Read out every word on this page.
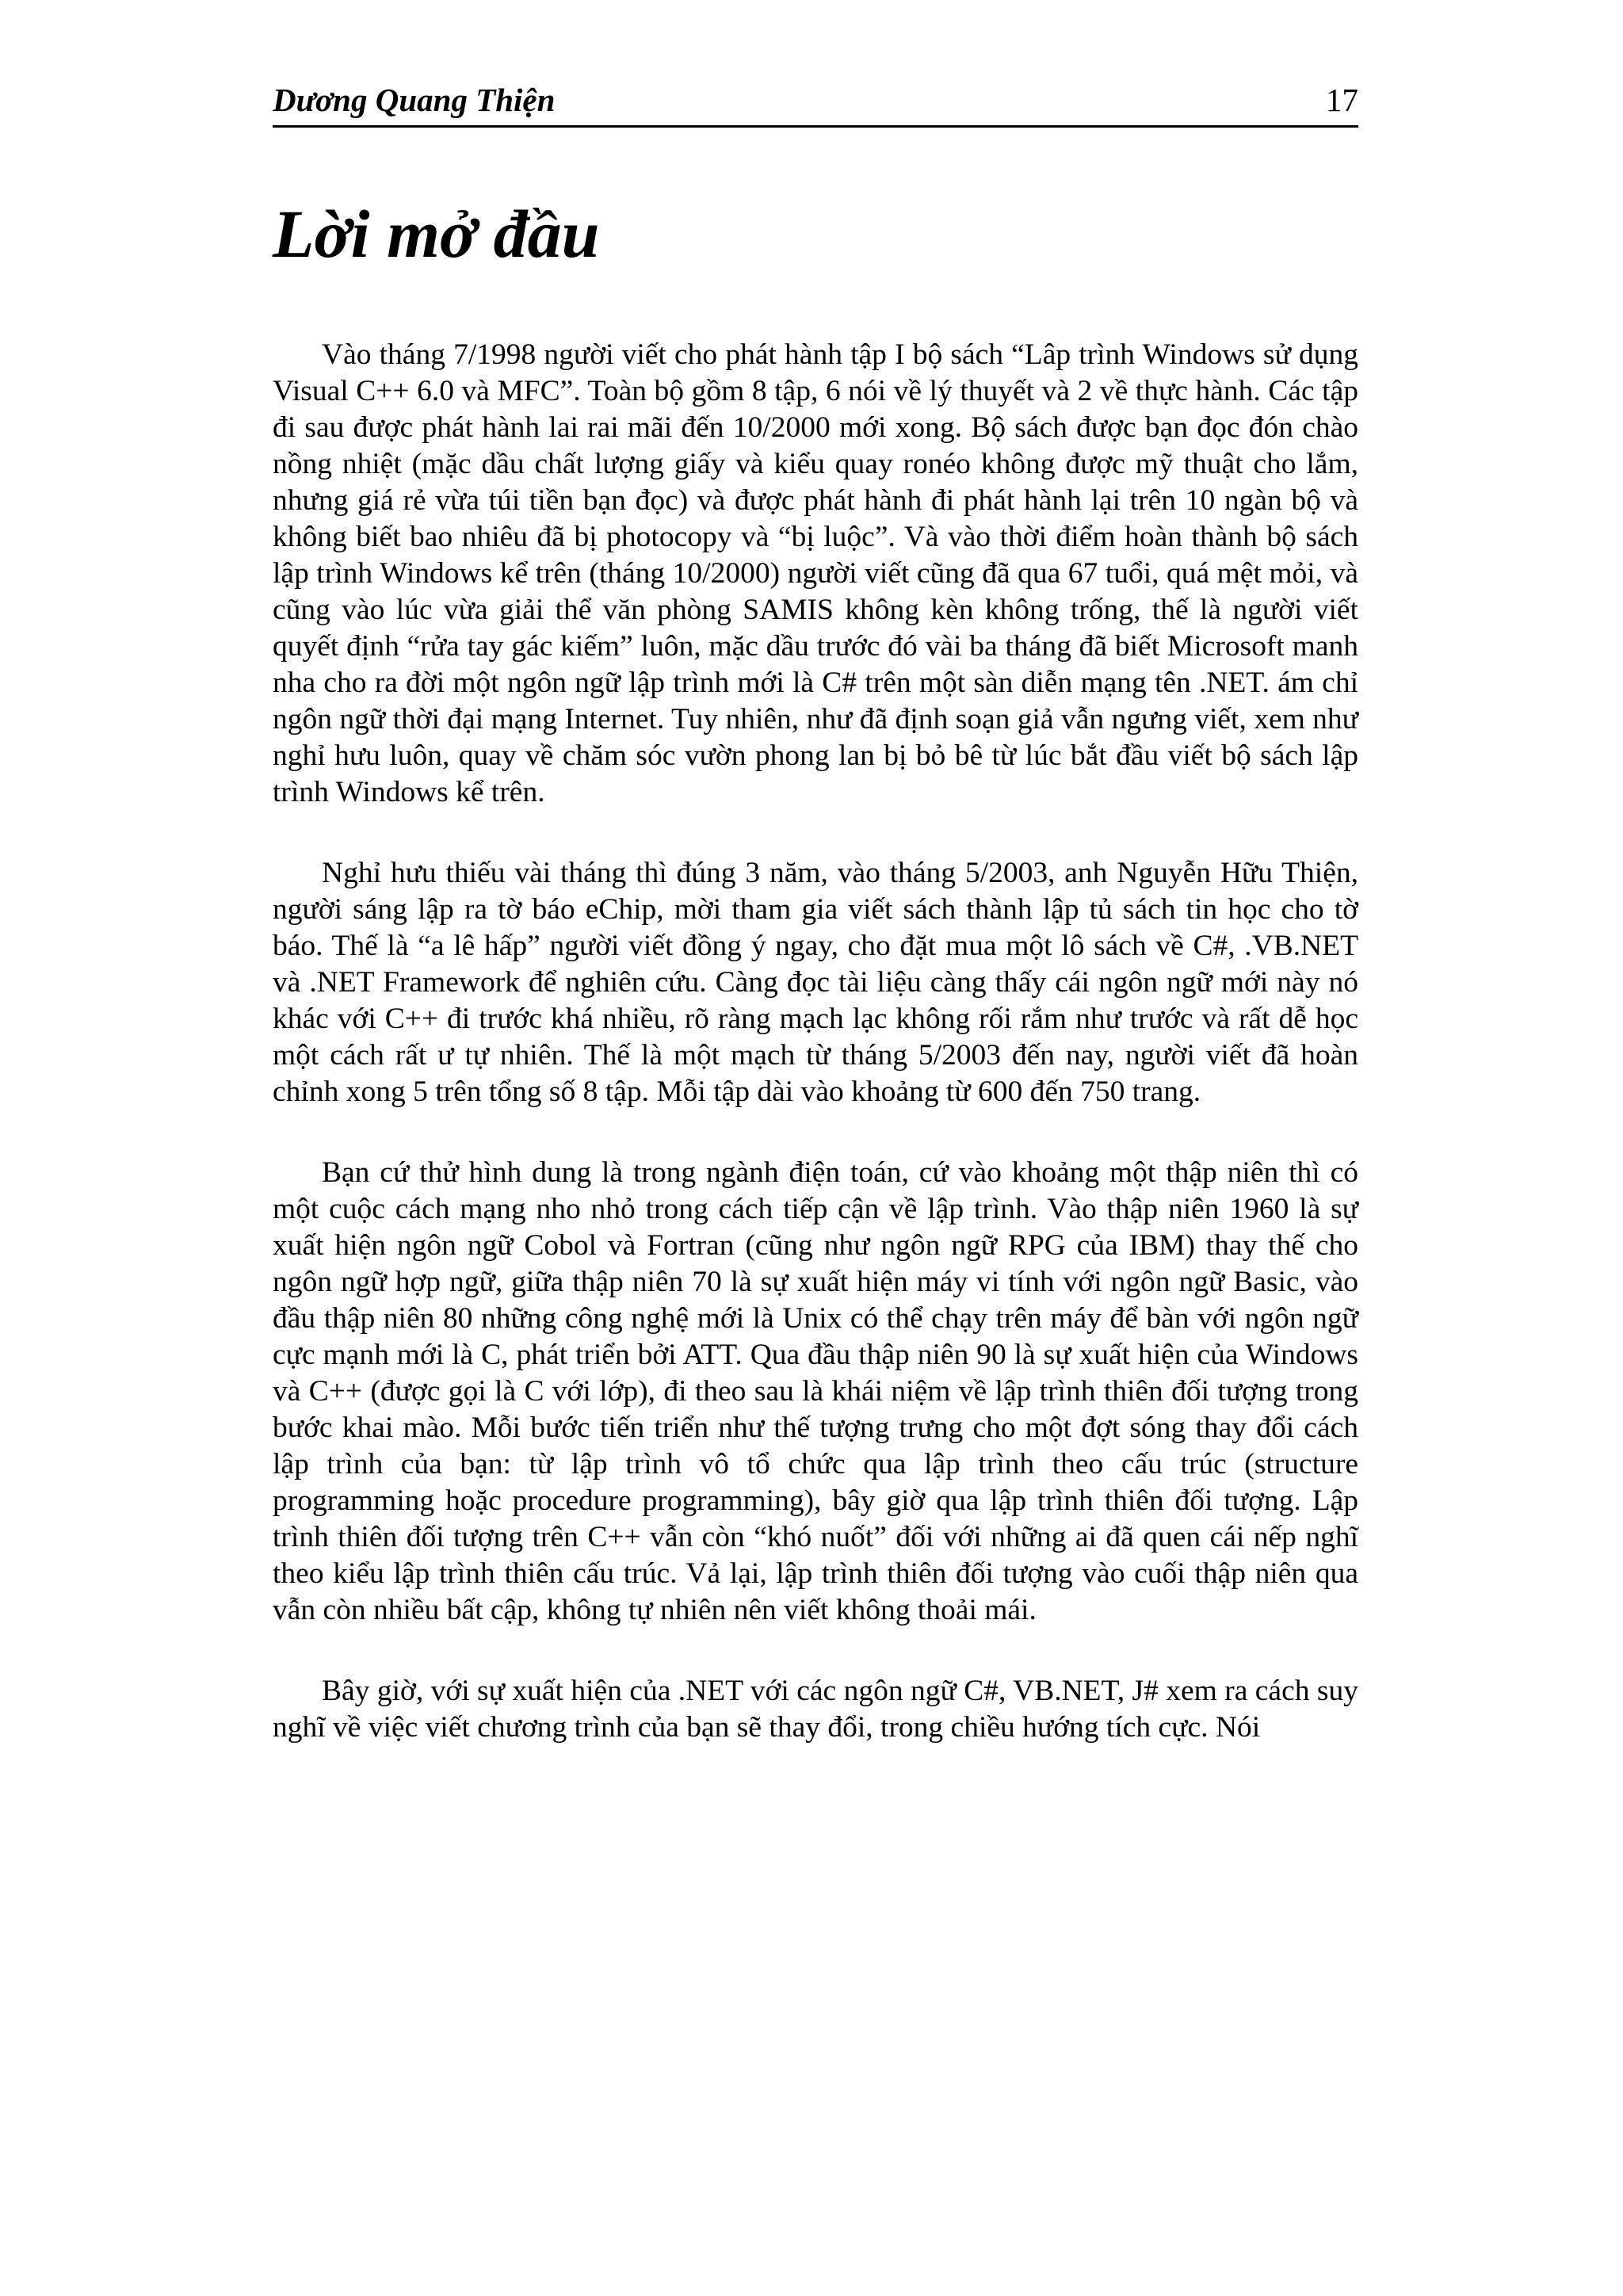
Dương Quang Thiện	17
Lời mở đầu

Vào tháng 7/1998 người viết cho phát hành tập I bộ sách “Lâp trình Windows sử dụng Visual C++ 6.0 và MFC”. Toàn bộ gồm 8 tập, 6 nói về lý thuyết và 2 về thực hành. Các tập đi sau được phát hành lai rai mãi đến 10/2000 mới xong. Bộ sách được bạn đọc đón chào nồng nhiệt (mặc dầu chất lượng giấy và kiểu quay ronéo không được mỹ thuật cho lắm, nhưng giá rẻ vừa túi tiền bạn đọc) và được phát hành đi phát hành lại trên 10 ngàn bộ và không biết bao nhiêu đã bị photocopy và “bị luộc”. Và vào thời điểm hoàn thành bộ sách lập trình Windows kể trên (tháng 10/2000) người viết cũng đã qua 67 tuổi, quá mệt mỏi, và cũng vào lúc vừa giải thể văn phòng SAMIS không kèn không trống, thế là người viết quyết định “rửa tay gác kiếm” luôn, mặc dầu trước đó vài ba tháng đã biết Microsoft manh nha cho ra đời một ngôn ngữ lập trình mới là C# trên một sàn diễn mạng tên .NET. ám chỉ ngôn ngữ thời đại mạng Internet. Tuy nhiên, như đã định soạn giả vẫn ngưng viết, xem như nghỉ hưu luôn, quay về chăm sóc vườn phong lan bị bỏ bê từ lúc bắt đầu viết bộ sách lập trình Windows kể trên.

Nghỉ hưu thiếu vài tháng thì đúng 3 năm, vào tháng 5/2003, anh Nguyễn Hữu Thiện, người sáng lập ra tờ báo eChip, mời tham gia viết sách thành lập tủ sách tin học cho tờ báo. Thế là “a lê hấp” người viết đồng ý ngay, cho đặt mua một lô sách về C#, .VB.NET và .NET Framework để nghiên cứu. Càng đọc tài liệu càng thấy cái ngôn ngữ mới này nó khác với C++ đi trước khá nhiều, rõ ràng mạch lạc không rối rắm như trước và rất dễ học một cách rất ư tự nhiên. Thế là một mạch từ tháng 5/2003 đến nay, người viết đã hoàn chỉnh xong 5 trên tổng số 8 tập. Mỗi tập dài vào khoảng từ 600 đến 750 trang.

Bạn cứ thử hình dung là trong ngành điện toán, cứ vào khoảng một thập niên thì có một cuộc cách mạng nho nhỏ trong cách tiếp cận về lập trình. Vào thập niên 1960 là sự xuất hiện ngôn ngữ Cobol và Fortran (cũng như ngôn ngữ RPG của IBM) thay thế cho ngôn ngữ hợp ngữ, giữa thập niên 70 là sự xuất hiện máy vi tính với ngôn ngữ Basic, vào đầu thập niên 80 những công nghệ mới là Unix có thể chạy trên máy để bàn với ngôn ngữ cực mạnh mới là C, phát triển bởi ATT. Qua đầu thập niên 90 là sự xuất hiện của Windows và C++ (được gọi là C với lớp), đi theo sau là khái niệm về lập trình thiên đối tượng trong bước khai mào. Mỗi bước tiến triển như thế tượng trưng cho một đợt sóng thay đổi cách lập trình của bạn: từ lập trình vô tổ chức qua lập trình theo cấu trúc (structure programming hoặc procedure programming), bây giờ qua lập trình thiên đối tượng. Lập trình thiên đối tượng trên C++ vẫn còn “khó nuốt” đối với những ai đã quen cái nếp nghĩ theo kiểu lập trình thiên cấu trúc. Vả lại, lập trình thiên đối tượng vào cuối thập niên qua vẫn còn nhiều bất cập, không tự nhiên nên viết không thoải mái.

Bây giờ, với sự xuất hiện của .NET với các ngôn ngữ C#, VB.NET, J# xem ra cách suy nghĩ về việc viết chương trình của bạn sẽ thay đổi, trong chiều hướng tích cực. Nói
